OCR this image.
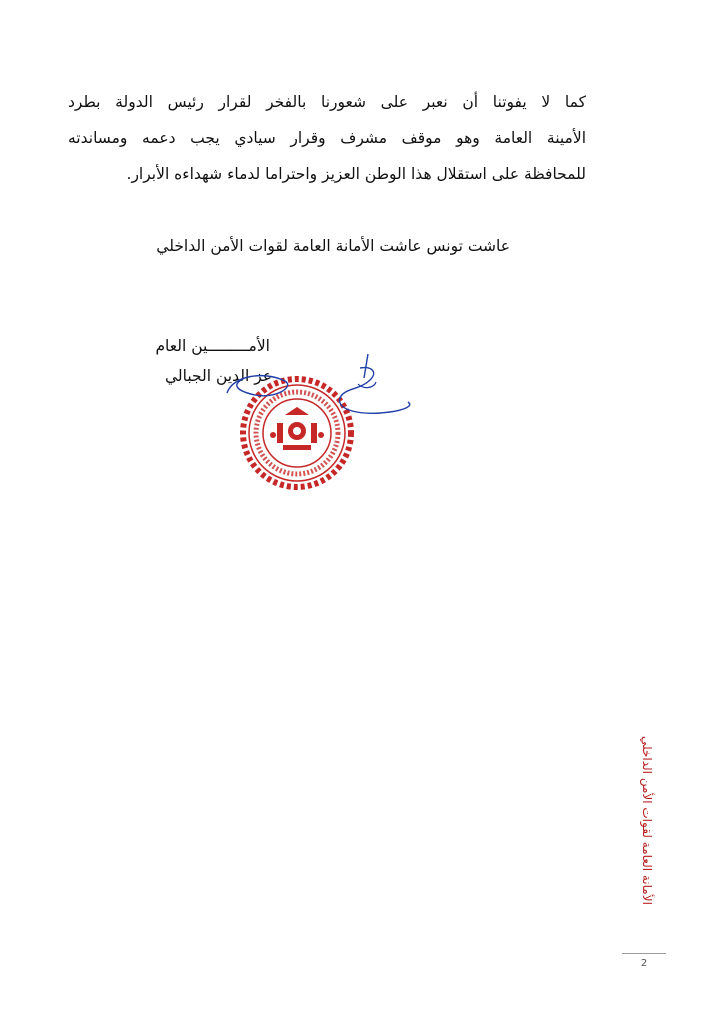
كما لا يفوتنا أن نعبر على شعورنا بالفخر لقرار رئيس الدولة بطرد
الأمينة العامة وهو موقف مشرف وقرار سيادي يجب دعمه ومساندته
للمحافظة على استقلال هذا الوطن العزيز واحتراما لدماء شهداءه الأبرار.

عاشت تونس عاشت الأمانة العامة لقوات الأمن الداخلي

الأمـــــــــين العام

عز الدين الجبالي

الأمانة العامة لقوات الأمن الداخلي
2
